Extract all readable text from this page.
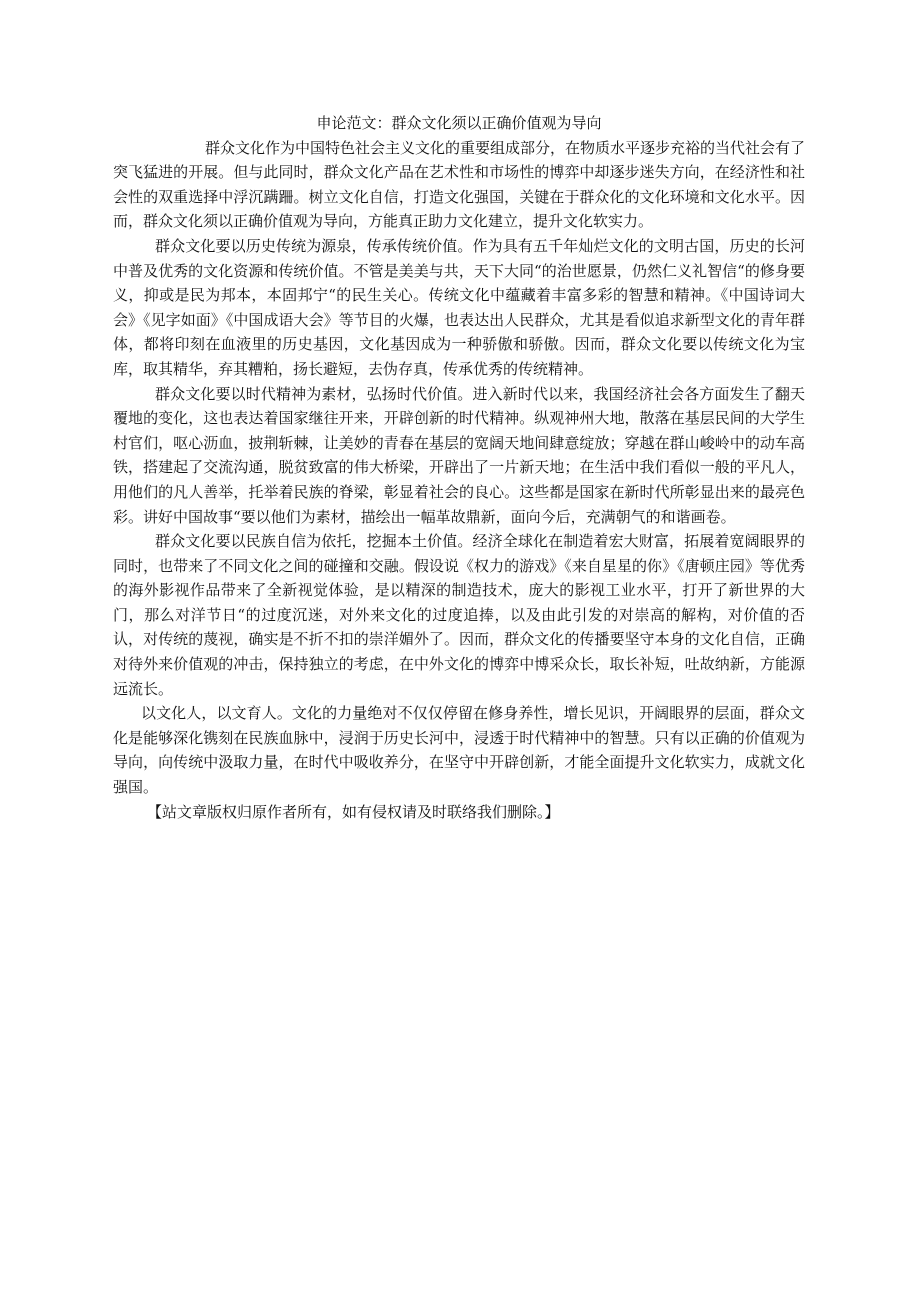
申论范文：群众文化须以正确价值观为导向

群众文化作为中国特色社会主义文化的重要组成部分，在物质水平逐步充裕的当代社会有了突飞猛进的开展。但与此同时，群众文化产品在艺术性和市场性的博弈中却逐步迷失方向，在经济性和社会性的双重选择中浮沉蹒跚。树立文化自信，打造文化强国，关键在于群众化的文化环境和文化水平。因而，群众文化须以正确价值观为导向，方能真正助力文化建立，提升文化软实力。

群众文化要以历史传统为源泉，传承传统价值。作为具有五千年灿烂文化的文明古国，历史的长河中普及优秀的文化资源和传统价值。不管是美美与共，天下大同“的治世愿景，仍然仁义礼智信“的修身要义，抑或是民为邦本，本固邦宁“的民生关心。传统文化中蕴藏着丰富多彩的智慧和精神。《中国诗词大会》《见字如面》《中国成语大会》等节目的火爆，也表达出人民群众，尤其是看似追求新型文化的青年群体，都将印刻在血液里的历史基因，文化基因成为一种骄傲和骄傲。因而，群众文化要以传统文化为宝库，取其精华，弃其糟粕，扬长避短，去伪存真，传承优秀的传统精神。

群众文化要以时代精神为素材，弘扬时代价值。进入新时代以来，我国经济社会各方面发生了翻天覆地的变化，这也表达着国家继往开来，开辟创新的时代精神。纵观神州大地，散落在基层民间的大学生村官们，呕心沥血，披荆斩棘，让美妙的青春在基层的宽阔天地间肆意绽放；穿越在群山峻岭中的动车高铁，搭建起了交流沟通，脱贫致富的伟大桥梁，开辟出了一片新天地；在生活中我们看似一般的平凡人，用他们的凡人善举，托举着民族的脊梁，彰显着社会的良心。这些都是国家在新时代所彰显出来的最亮色彩。讲好中国故事“要以他们为素材，描绘出一幅革故鼎新，面向今后，充满朝气的和谐画卷。

群众文化要以民族自信为依托，挖掘本土价值。经济全球化在制造着宏大财富，拓展着宽阔眼界的同时，也带来了不同文化之间的碰撞和交融。假设说《权力的游戏》《来自星星的你》《唐顿庄园》等优秀的海外影视作品带来了全新视觉体验，是以精深的制造技术，庞大的影视工业水平，打开了新世界的大门，那么对洋节日“的过度沉迷，对外来文化的过度追捧，以及由此引发的对崇高的解构，对价值的否认，对传统的蔑视，确实是不折不扣的崇洋媚外了。因而，群众文化的传播要坚守本身的文化自信，正确对待外来价值观的冲击，保持独立的考虑，在中外文化的博弈中博采众长，取长补短，吐故纳新，方能源远流长。

以文化人，以文育人。文化的力量绝对不仅仅停留在修身养性，增长见识，开阔眼界的层面，群众文化是能够深化镌刻在民族血脉中，浸润于历史长河中，浸透于时代精神中的智慧。只有以正确的价值观为导向，向传统中汲取力量，在时代中吸收养分，在坚守中开辟创新，才能全面提升文化软实力，成就文化强国。

【站文章版权归原作者所有，如有侵权请及时联络我们删除。】
